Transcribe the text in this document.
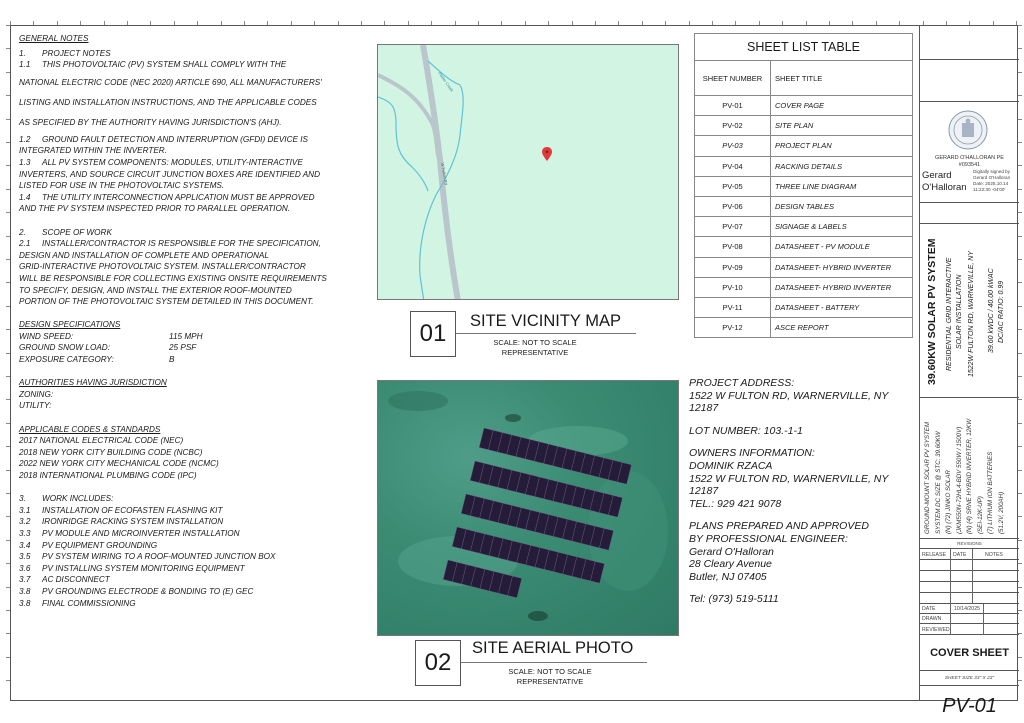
GENERAL NOTES
1.	PROJECT NOTES
1.1	THIS PHOTOVOLTAIC (PV) SYSTEM SHALL COMPLY WITH THE
NATIONAL ELECTRIC CODE (NEC 2020) ARTICLE 690, ALL MANUFACTURERS'
LISTING AND INSTALLATION INSTRUCTIONS, AND THE APPLICABLE CODES
AS SPECIFIED BY THE AUTHORITY HAVING JURISDICTION'S (AHJ).
1.2	GROUND FAULT DETECTION AND INTERRUPTION (GFDI) DEVICE IS
INTEGRATED WITHIN THE INVERTER.
1.3	ALL PV SYSTEM COMPONENTS: MODULES, UTILITY-INTERACTIVE
INVERTERS, AND SOURCE CIRCUIT JUNCTION BOXES ARE IDENTIFIED AND
LISTED FOR USE IN THE PHOTOVOLTAIC SYSTEMS.
1.4	THE UTILITY INTERCONNECTION APPLICATION MUST BE APPROVED
AND THE PV SYSTEM INSPECTED PRIOR TO PARALLEL OPERATION.
2.	SCOPE OF WORK
2.1	INSTALLER/CONTRACTOR IS RESPONSIBLE FOR THE SPECIFICATION,
DESIGN AND INSTALLATION OF COMPLETE AND OPERATIONAL
GRID-INTERACTIVE PHOTOVOLTAIC SYSTEM. INSTALLER/CONTRACTOR
WILL BE RESPONSIBLE FOR COLLECTING EXISTING ONSITE REQUIREMENTS
TO SPECIFY, DESIGN, AND INSTALL THE EXTERIOR ROOF-MOUNTED
PORTION OF THE PHOTOVOLTAIC SYSTEM DETAILED IN THIS DOCUMENT.
DESIGN SPECIFICATIONS
WIND SPEED:	115 MPH
GROUND SNOW LOAD:	25 PSF
EXPOSURE CATEGORY:	B
AUTHORITIES HAVING JURISDICTION
ZONING:
UTILITY:
APPLICABLE CODES & STANDARDS
2017 NATIONAL ELECTRICAL CODE (NEC)
2018 NEW YORK CITY BUILDING CODE (NCBC)
2022 NEW YORK CITY MECHANICAL CODE (NCMC)
2018 INTERNATIONAL PLUMBING CODE (IPC)
3.	WORK INCLUDES:
3.1	INSTALLATION OF ECOFASTEN FLASHING KIT
3.2	IRONRIDGE RACKING SYSTEM INSTALLATION
3.3	PV MODULE AND MICROINVERTER INSTALLATION
3.4	PV EQUIPMENT GROUNDING
3.5	PV SYSTEM WIRING TO A ROOF-MOUNTED JUNCTION BOX
3.6	PV INSTALLING SYSTEM MONITORING EQUIPMENT
3.7	AC DISCONNECT
3.8	PV GROUNDING ELECTRODE & BONDING TO (E) GEC
3.8	FINAL COMMISSIONING
Platter Creek
W Fulton Rd
01	SITE VICINITY MAP
SCALE: NOT TO SCALE
REPRESENTATIVE
02
SITE AERIAL PHOTO
SCALE: NOT TO SCALE
REPRESENTATIVE
SHEET LIST TABLE	
SHEET NUMBER	SHEET TITLE
PV-01	COVER PAGE
PV-02	SITE PLAN
PV-03	PROJECT PLAN
PV-04	RACKING DETAILS
PV-05	THREE LINE DIAGRAM
PV-06	DESIGN TABLES
PV-07	SIGNAGE & LABELS
PV-08	DATASHEET - PV MODULE
PV-09	DATASHEET- HYBRID INVERTER
PV-10	DATASHEET- HYBRID INVERTER
PV-11	DATASHEET - BATTERY
PV-12	ASCE REPORT
PROJECT ADDRESS:
1522 W FULTON RD, WARNERVILLE, NY 12187
LOT NUMBER: 103.-1-1
OWNERS INFORMATION:
DOMINIK RZACA
1522 W FULTON RD, WARNERVILLE, NY 12187
TEL.: 929 421 9078
PLANS PREPARED AND APPROVED
BY PROFESSIONAL ENGINEER:
Gerard O'Halloran
28 Cleary Avenue
Butler, NJ 07405
Tel: (973) 519-5111
GERARD O'HALLORAN PE
#093541
Gerard
O'Halloran
Digitally signed by
Gerard O'Halloran
Date: 2025.10.14
11:22:30 -04'00'
39.60KW SOLAR PV SYSTEM RESIDENTIAL GRID INTERACTIVE SOLAR INSTALLATION 1522W FULTON RD, WARNEVILLE, NY 39.60 kWDC / 40.00 kWAC DC/AC RATIO: 0.99
GROUND-MOUNT SOLAR PV SYSTEM SYSTEM DC SIZE @ STC: 39.60KW (N) (72) JINKO SOLAR (JKM550N-72HL4-BDV 550W / 1500V) (N) (4) SRNE HYBRID INVERTER, 12KW (SEI-12K-UP) (7) LITHIUM ION BATTERIES (51.2V, 200AH)
REVISIONS
RELEASE DATE	NOTES
DATE	10/14/2025
DRAWN
REVIEWED
COVER SHEET
SHEET SIZE 33" X 23"
PV-01
